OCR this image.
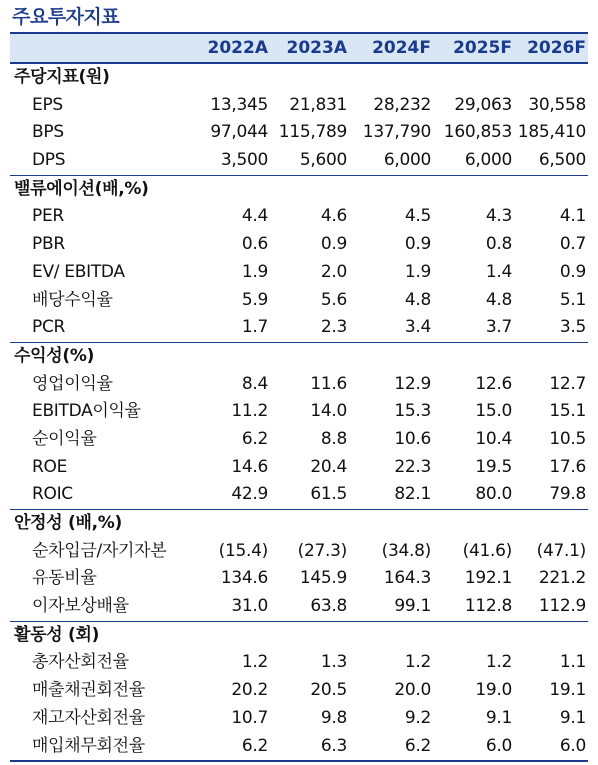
주요투자지표
2022A	2023A	2024F	2025F 2026F
주당지표(원)
EPS	13,345	21,831	28,232	29,063 30,558
BPS	97,044 115,789 137,790 160,853 185,410
DPS	3,500	5,600	6,000	6,000	6,500
밸류에이션(배,%)
PER	4.4	4.6	4.5	4.3	4.1
PBR	0.6	0.9	0.9	0.8	0.7
EV/ EBITDA	1.9	2.0	1.9	1.4	0.9
배당수익율	5.9	5.6	4.8	4.8	5.1
PCR	1.7	2.3	3.4	3.7	3.5
수익성(%)
영업이익율	8.4	11.6	12.9	12.6	12.7
EBITDA이익율	11.2	14.0	15.3	15.0	15.1
순이익율	6.2	8.8	10.6	10.4	10.5
ROE	14.6	20.4	22.3	19.5	17.6
ROIC	42.9	61.5	82.1	80.0	79.8
안정성 (배,%)
순차입금/자기자본	(15.4)	(27.3)	(34.8)	(41.6)	(47.1)
유동비율	134.6	145.9	164.3	192.1	221.2
이자보상배율	31.0	63.8	99.1	112.8	112.9
활동성 (회)
총자산회전율	1.2	1.3	1.2	1.2	1.1
매출채권회전율	20.2	20.5	20.0	19.0	19.1
재고자산회전율	10.7	9.8	9.2	9.1	9.1
매입채무회전율	6.2	6.3	6.2	6.0	6.0
